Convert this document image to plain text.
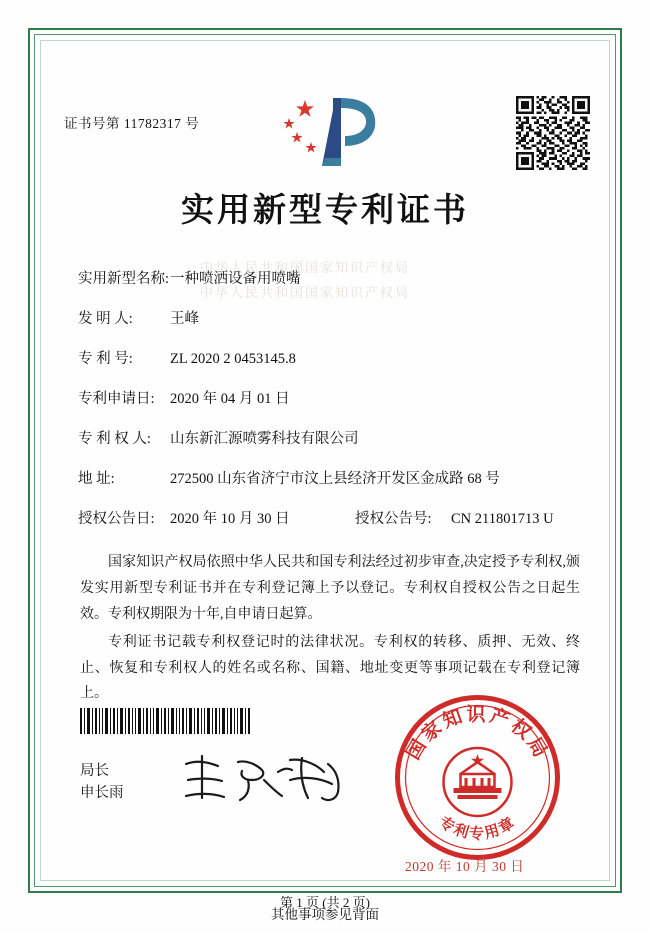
证书号第 11782317 号
实用新型专利证书
中华人民共和国国家知识产权局
中华人民共和国国家知识产权局
实用新型名称: 一种喷洒设备用喷嘴
发 明 人:	王峰
专 利 号:	ZL 2020 2 0453145.8
专利申请日:	2020 年 04 月 01 日
专 利 权 人:	山东新汇源喷雾科技有限公司
地 址:	272500 山东省济宁市汶上县经济开发区金成路 68 号
授权公告日:	2020 年 10 月 30 日	授权公告号:	CN 211801713 U

国家知识产权局依照中华人民共和国专利法经过初步审查,决定授予专利权,颁发实用新型专利证书并在专利登记簿上予以登记。专利权自授权公告之日起生效。专利权期限为十年,自申请日起算。

专利证书记载专利权登记时的法律状况。专利权的转移、质押、无效、终止、恢复和专利权人的姓名或名称、国籍、地址变更等事项记载在专利登记簿上。

局长
申长雨
国家知识产权局
专利专用章
2020 年 10 月 30 日
第 1 页 (共 2 页)
其他事项参见背面
